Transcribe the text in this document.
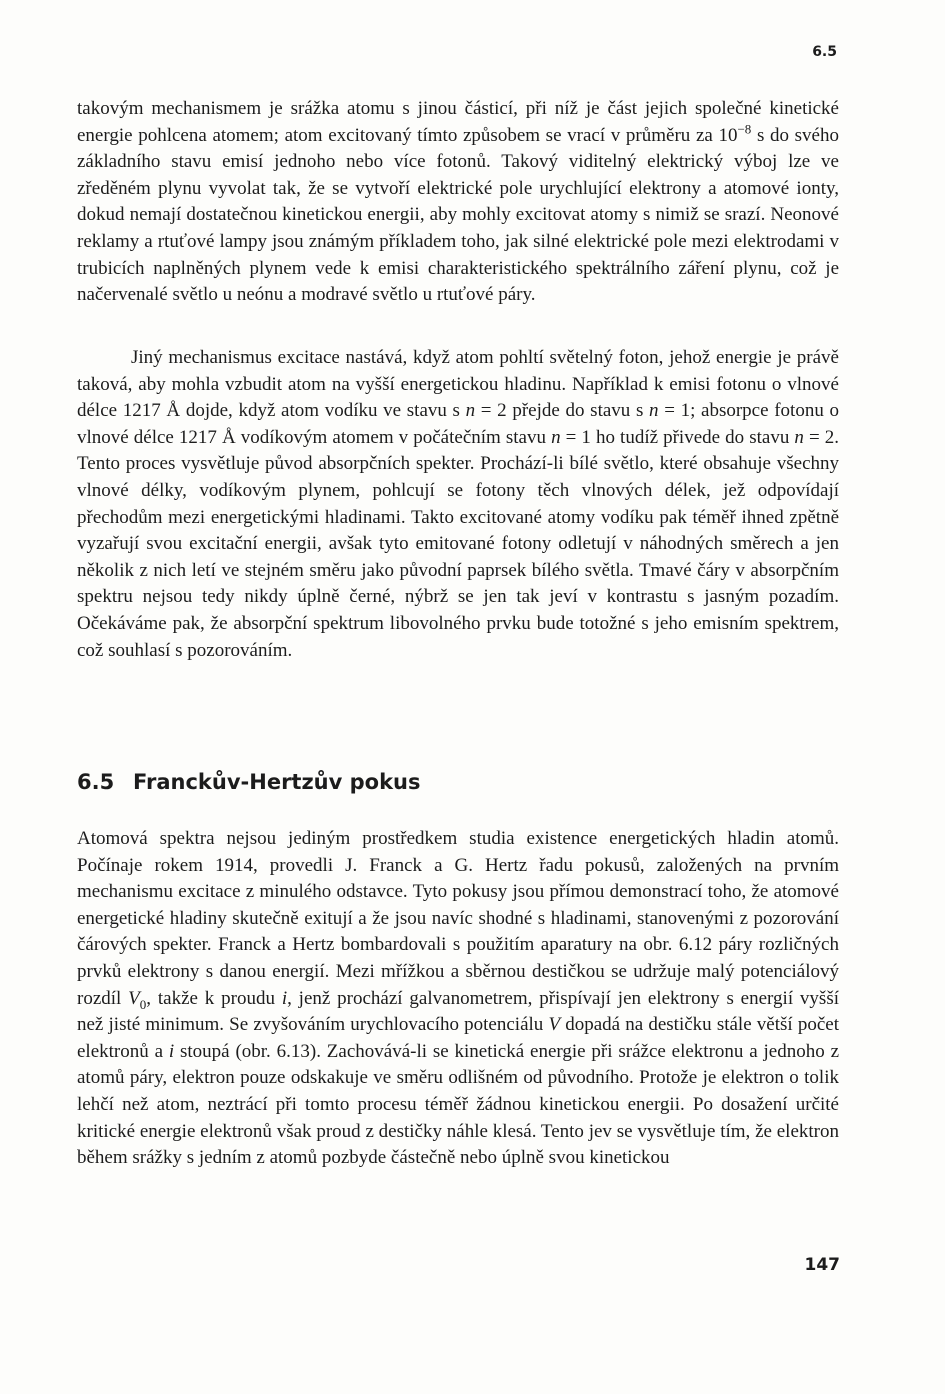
6.5

takovým mechanismem je srážka atomu s jinou částicí, při níž je část jejich společné kinetické energie pohlcena atomem; atom excitovaný tímto způsobem se vrací v průměru za $10^{-8}$ s do svého základního stavu emisí jednoho nebo více fotonů. Takový viditelný elektrický výboj lze ve zředěném plynu vyvolat tak, že se vytvoří elektrické pole urychlující elektrony a atomové ionty, dokud nemají dostatečnou kinetickou energii, aby mohly excitovat atomy s nimiž se srazí. Neonové reklamy a rtuťové lampy jsou známým příkladem toho, jak silné elektrické pole mezi elektrodami v trubicích naplněných plynem vede k emisi charakteristického spektrálního záření plynu, což je načervenalé světlo u neónu a modravé světlo u rtuťové páry.

Jiný mechanismus excitace nastává, když atom pohltí světelný foton, jehož energie je právě taková, aby mohla vzbudit atom na vyšší energetickou hladinu. Například k emisi fotonu o vlnové délce 1217 Å dojde, když atom vodíku ve stavu s n = 2 přejde do stavu s n = 1; absorpce fotonu o vlnové délce 1217 Å vodíkovým atomem v počátečním stavu n = 1 ho tudíž přivede do stavu n = 2. Tento proces vysvětluje původ absorpčních spekter. Prochází-li bílé světlo, které obsahuje všechny vlnové délky, vodíkovým plynem, pohlcují se fotony těch vlnových délek, jež odpovídají přechodům mezi energetickými hladinami. Takto excitované atomy vodíku pak téměř ihned zpětně vyzařují svou excitační energii, avšak tyto emitované fotony odletují v náhodných směrech a jen několik z nich letí ve stejném směru jako původní paprsek bílého světla. Tmavé čáry v absorpčním spektru nejsou tedy nikdy úplně černé, nýbrž se jen tak jeví v kontrastu s jasným pozadím. Očekáváme pak, že absorpční spektrum libovolného prvku bude totožné s jeho emisním spektrem, což souhlasí s pozorováním.

6.5 Franckův-Hertzův pokus

Atomová spektra nejsou jediným prostředkem studia existence energetických hladin atomů. Počínaje rokem 1914, provedli J. Franck a G. Hertz řadu pokusů, založených na prvním mechanismu excitace z minulého odstavce. Tyto pokusy jsou přímou demonstrací toho, že atomové energetické hladiny skutečně exitují a že jsou navíc shodné s hladinami, stanovenými z pozorování čárových spekter. Franck a Hertz bombardovali s použitím aparatury na obr. 6.12 páry rozličných prvků elektrony s danou energií. Mezi mřížkou a sběrnou destičkou se udržuje malý potenciálový rozdíl $V_0$, takže k proudu i, jenž prochází galvanometrem, přispívají jen elektrony s energií vyšší než jisté minimum. Se zvyšováním urychlovacího potenciálu V dopadá na destičku stále větší počet elektronů a i stoupá (obr. 6.13). Zachovává-li se kinetická energie při srážce elektronu a jednoho z atomů páry, elektron pouze odskakuje ve směru odlišném od původního. Protože je elektron o tolik lehčí než atom, neztrácí při tomto procesu téměř žádnou kinetickou energii. Po dosažení určité kritické energie elektronů však proud z destičky náhle klesá. Tento jev se vysvětluje tím, že elektron během srážky s jedním z atomů pozbyde částečně nebo úplně svou kinetickou

147
